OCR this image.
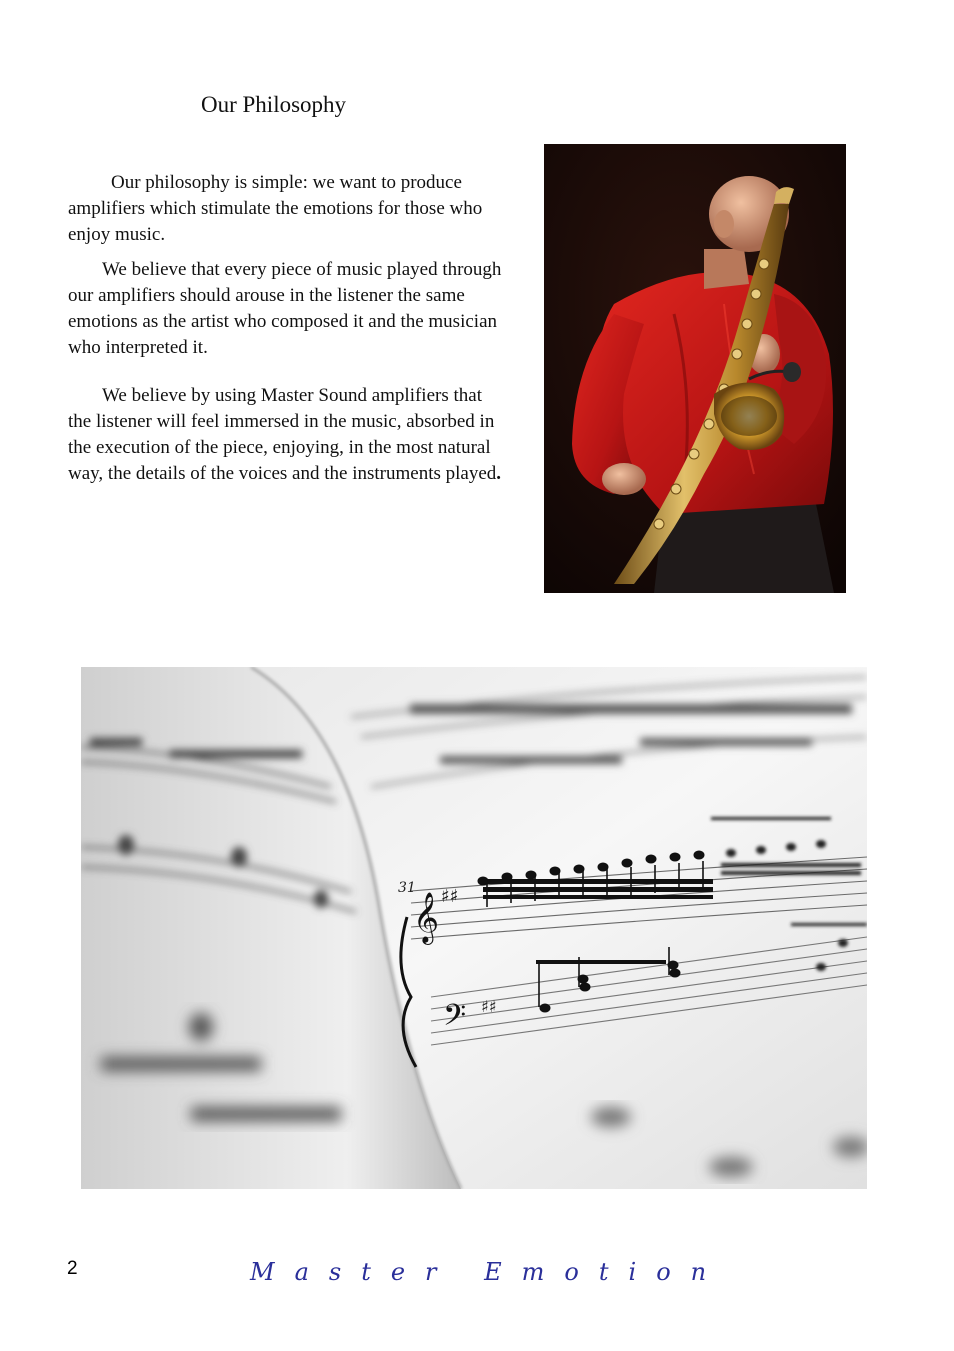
Our Philosophy

Our philosophy is simple: we want to produce amplifiers which stimulate the emotions for those who enjoy music.

We believe that every piece of music played through our amplifiers should arouse in the listener the same emotions as the artist who composed it and the musician who interpreted it.

We believe by using Master Sound amplifiers that the listener will feel immersed in the music, absorbed in the execution of the piece, enjoying, in the most natural way, the details of the voices and the instruments played.

31
𝄞 ♯♯
𝄢 ♯♯
2	Master Emotion
